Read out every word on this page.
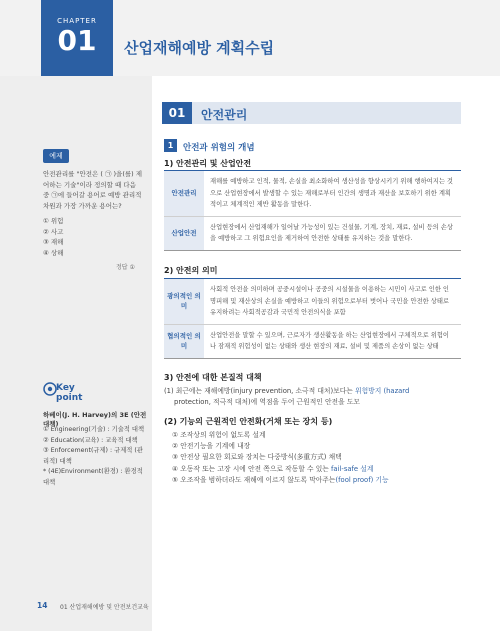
CHAPTER
01	산업재해예방 계획수립
01	안전관리
예제
안전관리를 "안전은 ( ㉠ )을(를) 제어하는 기술"이라 정의할 때 다음 중 ㉠에 들어갈 용어로 예방 관리적 차원과 가장 가까운 용어는?
① 위험
② 사고
③ 재해
④ 상해
정답 ①
Key
point
하베이(J. H. Harvey)의 3E (안전대책)
① Engineering(기술) : 기술적 대책
② Education(교육) : 교육적 대책
③ Enforcement(규제) : 규제적 (관리적) 대책
* (4E)Environment(환경) : 환경적 대책
1	안전과 위험의 개념
1) 안전관리 및 산업안전
안전관리
재해를 예방하고 인적, 물적, 손실을 최소화하여 생산성을 향상시키기 위해 행하여지는 것으로 산업현장에서 발생할 수 있는 재해로부터 인간의 생명과 재산을 보호하기 위한 계획적이고 체계적인 제반 활동을 말한다.
산업안전
산업현장에서 산업재해가 일어날 가능성이 있는 건설물, 기계, 장치, 재료, 설비 등의 손상을 예방하고 그 위험요인을 제거하여 안전한 상태를 유지하는 것을 말한다.
2) 안전의 의미
광의적인 의미
사회적 안전을 의미하며 공중시설이나 공중의 시설물을 이용하는 시민이 사고로 인한 인명피해 및 재산상의 손실을 예방하고 이들의 위험으로부터 벗어나 국민을 안전한 상태로 유지하려는 사회적공감과 국민적 안전의식을 포함
협의적인 의미
산업안전을 말할 수 있으며, 근로자가 생산활동을 하는 산업현장에서 구체적으로 위험이나 잠재적 위험성이 없는 상태와 생산 현장의 재료, 설비 및 제품의 손상이 없는 상태
3) 안전에 대한 본질적 대책
(1) 최근에는 재해예방(injury prevention, 소극적 대처)보다는 위험방지 (hazard
protection, 적극적 대처)에 역점을 두어 근원적인 안전을 도모
(2) 기능의 근원적인 안전화(거채 또는 장치 등)
① 조작상의 위험이 없도록 설계
② 안전기능을 기계에 내장
③ 안전상 필요한 회로와 장치는 다중방식(多重方式) 채택
④ 오동작 또는 고장 시에 안전 쪽으로 작동할 수 있는 fail-safe 설계
⑤ 오조작을 범하더라도 재해에 이르지 않도록 막아주는(fool proof) 기능
14 01 산업재해예방 및 안전보건교육
